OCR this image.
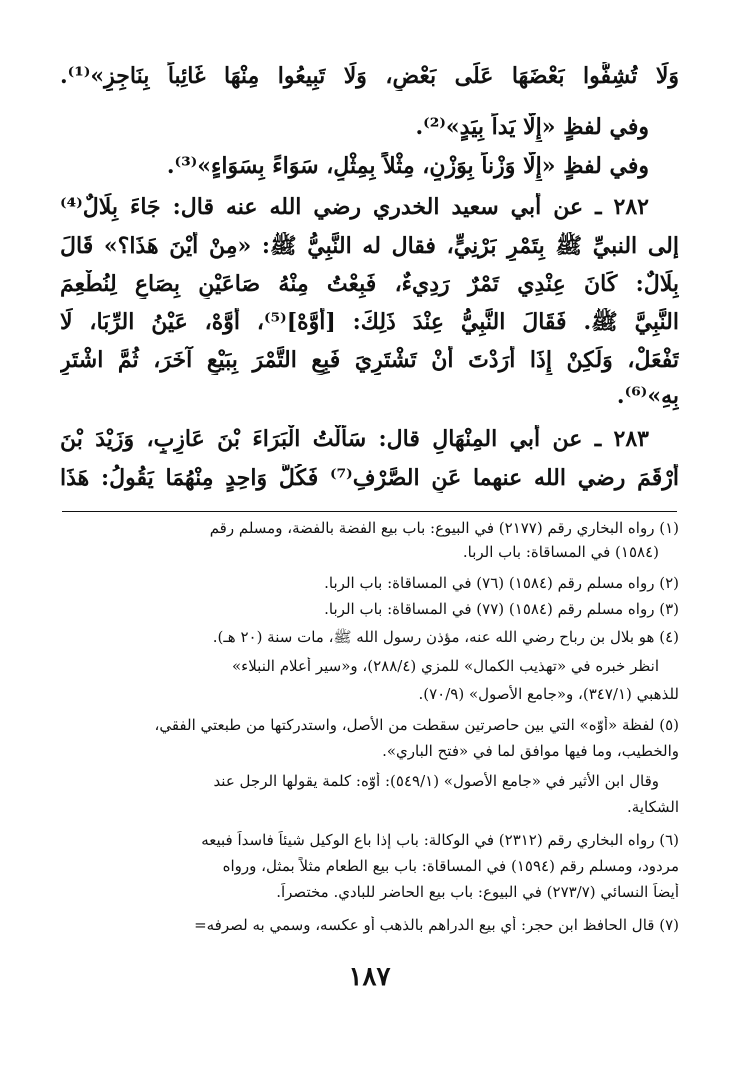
وَلَا تُشِفُّوا بَعْضَهَا عَلَى بَعْضٍ، وَلَا تَبِيعُوا مِنْهَا غَائِباً بِنَاجِزٍ»⁽¹⁾.
وفي لفظٍ «إِلَّا يَداً بِيَدٍ»⁽²⁾.
وفي لفظٍ «إِلَّا وَزْناً بِوَزْنٍ، مِثْلاً بِمِثْلٍ، سَوَاءً بِسَوَاءٍ»⁽³⁾.
٢٨٢ ـ عن أبي سعيد الخدري رضي الله عنه قال: جَاءَ بِلَالٌ⁽⁴⁾
إلى النبيِّ ﷺ بِتَمْرٍ بَرْنِيٍّ، فقال له النَّبِيُّ ﷺ: «مِنْ أَيْنَ هَذَا؟» قَالَ
بِلَالٌ: كَانَ عِنْدِي تَمْرٌ رَدِيءٌ، فَبِعْتُ مِنْهُ صَاعَيْنِ بِصَاعٍ لِنُطْعِمَ
النَّبِيَّ ﷺ. فَقَالَ النَّبِيُّ عِنْدَ ذَلِكَ: [أَوَّهْ]⁽⁵⁾، أَوَّهْ، عَيْنُ الرِّبَا، لَا
تَفْعَلْ، وَلَكِنْ إِذَا أَرَدْتَ أَنْ تَشْتَرِيَ فَبِعِ التَّمْرَ بِبَيْعٍ آخَرَ، ثُمَّ اشْتَرِ
بِهِ»⁽⁶⁾.
٢٨٣ ـ عن أبي المِنْهَالِ قال: سَأَلْتُ الْبَرَاءَ بْنَ عَازِبٍ، وَزَيْدَ بْنَ
أَرْقَمَ رضي الله عنهما عَنِ الصَّرْفِ⁽⁷⁾ فَكُلُّ وَاحِدٍ مِنْهُمَا يَقُولُ: هَذَا
(١) رواه البخاري رقم (٢١٧٧) في البيوع: باب بيع الفضة بالفضة، ومسلم رقم
(١٥٨٤) في المساقاة: باب الربا.
(٢) رواه مسلم رقم (١٥٨٤) (٧٦) في المساقاة: باب الربا.
(٣) رواه مسلم رقم (١٥٨٤) (٧٧) في المساقاة: باب الربا.
(٤) هو بلال بن رباح رضي الله عنه، مؤذن رسول الله ﷺ، مات سنة (٢٠ هـ).
انظر خبره في «تهذيب الكمال» للمزي (٢٨٨/٤)، و«سير أعلام النبلاء»
للذهبي (٣٤٧/١)، و«جامع الأصول» (٧٠/٩).
(٥) لفظة «أوّه» التي بين حاصرتين سقطت من الأصل، واستدركتها من طبعتي الفقي،
والخطيب، وما فيها موافق لما في «فتح الباري».
وقال ابن الأثير في «جامع الأصول» (٥٤٩/١): أوّه: كلمة يقولها الرجل عند
الشكاية.
(٦) رواه البخاري رقم (٢٣١٢) في الوكالة: باب إذا باع الوكيل شيئاً فاسداً فبيعه
مردود، ومسلم رقم (١٥٩٤) في المساقاة: باب بيع الطعام مثلاً بمثل، ورواه
أيضاً النسائي (٢٧٣/٧) في البيوع: باب بيع الحاضر للبادي. مختصراً.
(٧) قال الحافظ ابن حجر: أي بيع الدراهم بالذهب أو عكسه، وسمي به لصرفه=
١٨٧
